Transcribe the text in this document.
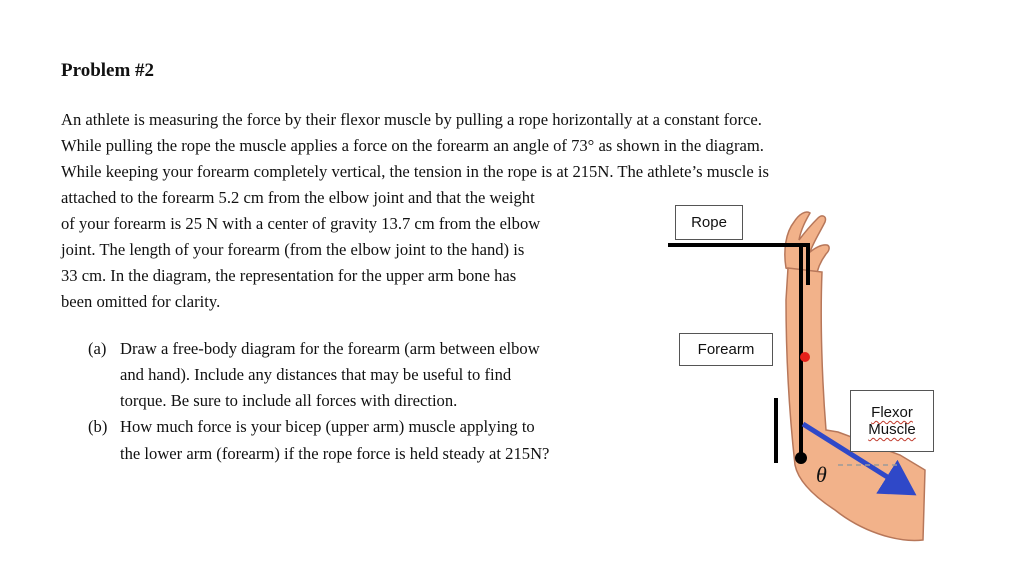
Problem #2
An athlete is measuring the force by their flexor muscle by pulling a rope horizontally at a constant force.
While pulling the rope the muscle applies a force on the forearm an angle of 73° as shown in the diagram.
While keeping your forearm completely vertical, the tension in the rope is at 215N. The athlete’s muscle is
attached to the forearm 5.2 cm from the elbow joint and that the weight
of your forearm is 25 N with a center of gravity 13.7 cm from the elbow
joint. The length of your forearm (from the elbow joint to the hand) is
33 cm. In the diagram, the representation for the upper arm bone has
been omitted for clarity.
(a) Draw a free-body diagram for the forearm (arm between elbow
and hand). Include any distances that may be useful to find
torque. Be sure to include all forces with direction.
(b) How much force is your bicep (upper arm) muscle applying to
the lower arm (forearm) if the rope force is held steady at 215N?
Rope
Forearm
Flexor
Muscle
θ
